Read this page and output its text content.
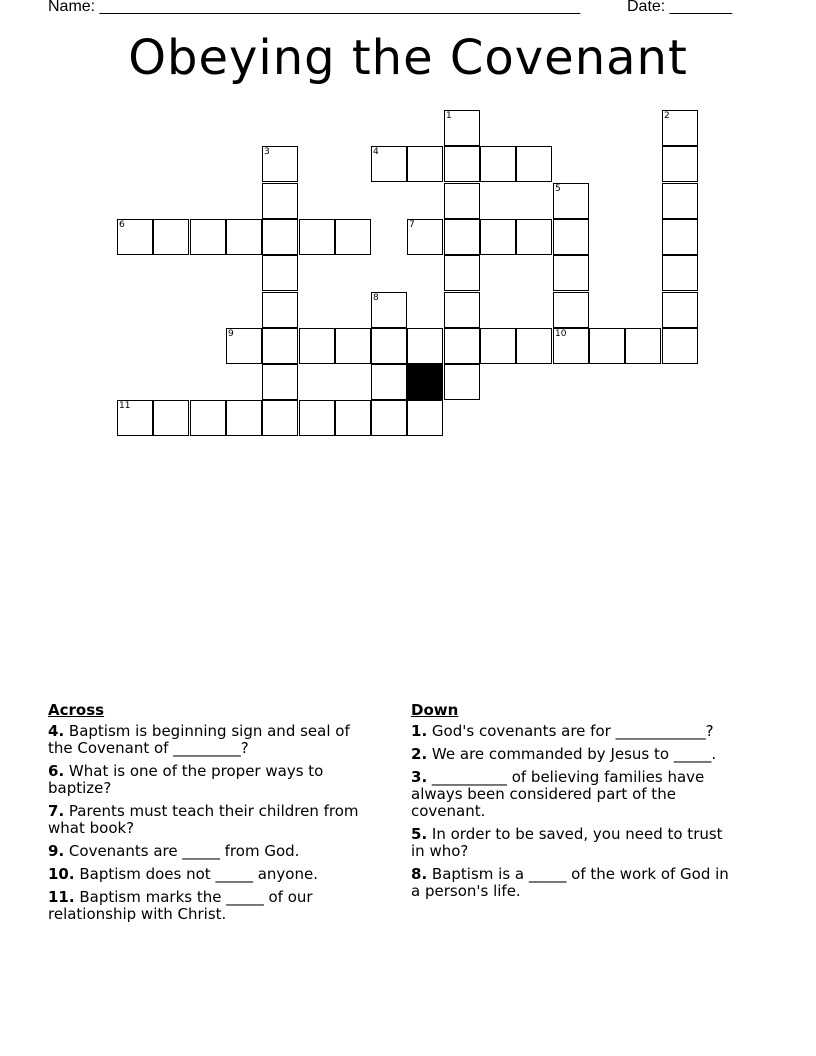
Name: ______________________________________________________	Date: _______
Obeying the Covenant
1	2
3	4
5
6	7
8
9	10
11
Across
4. Baptism is beginning sign and seal of the Covenant of _________?
6. What is one of the proper ways to baptize?
7. Parents must teach their children from what book?
9. Covenants are _____ from God.
10. Baptism does not _____ anyone.
11. Baptism marks the _____ of our relationship with Christ.
Down
1. God's covenants are for ____________?
2. We are commanded by Jesus to _____.
3. __________ of believing families have always been considered part of the covenant.
5. In order to be saved, you need to trust in who?
8. Baptism is a _____ of the work of God in a person's life.
